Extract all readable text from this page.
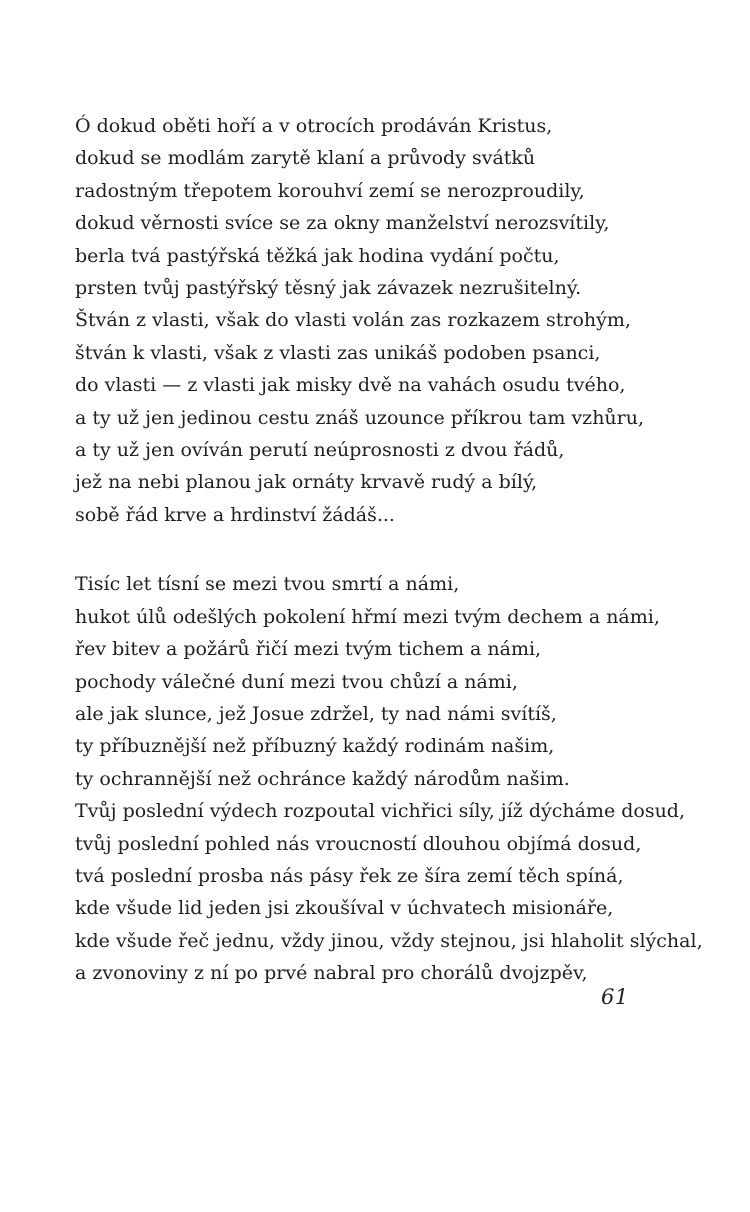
Ó dokud oběti hoří a v otrocích prodáván Kristus,
dokud se modlám zarytě klaní a průvody svátků
radostným třepotem korouhví zemí se nerozproudily,
dokud věrnosti svíce se za okny manželství nerozsvítily,
berla tvá pastýřská těžká jak hodina vydání počtu,
prsten tvůj pastýřský těsný jak závazek nezrušitelný.
Štván z vlasti, však do vlasti volán zas rozkazem strohým,
štván k vlasti, však z vlasti zas unikáš podoben psanci,
do vlasti — z vlasti jak misky dvě na vahách osudu tvého,
a ty už jen jedinou cestu znáš uzounce příkrou tam vzhůru,
a ty už jen ovíván perutí neúprosnosti z dvou řádů,
jež na nebi planou jak ornáty krvavě rudý a bílý,
sobě řád krve a hrdinství žádáš...

Tisíc let tísní se mezi tvou smrtí a námi,
hukot úlů odešlých pokolení hřmí mezi tvým dechem a námi,
řev bitev a požárů řičí mezi tvým tichem a námi,
pochody válečné duní mezi tvou chůzí a námi,
ale jak slunce, jež Josue zdržel, ty nad námi svítíš,
ty příbuznější než příbuzný každý rodinám našim,
ty ochrannější než ochránce každý národům našim.
Tvůj poslední výdech rozpoutal vichřici síly, jíž dýcháme dosud,
tvůj poslední pohled nás vroucností dlouhou objímá dosud,
tvá poslední prosba nás pásy řek ze šíra zemí těch spíná,
kde všude lid jeden jsi zkoušíval v úchvatech misionáře,
kde všude řeč jednu, vždy jinou, vždy stejnou, jsi hlaholit slýchal,
a zvonoviny z ní po prvé nabral pro chorálů dvojzpěv,

61
